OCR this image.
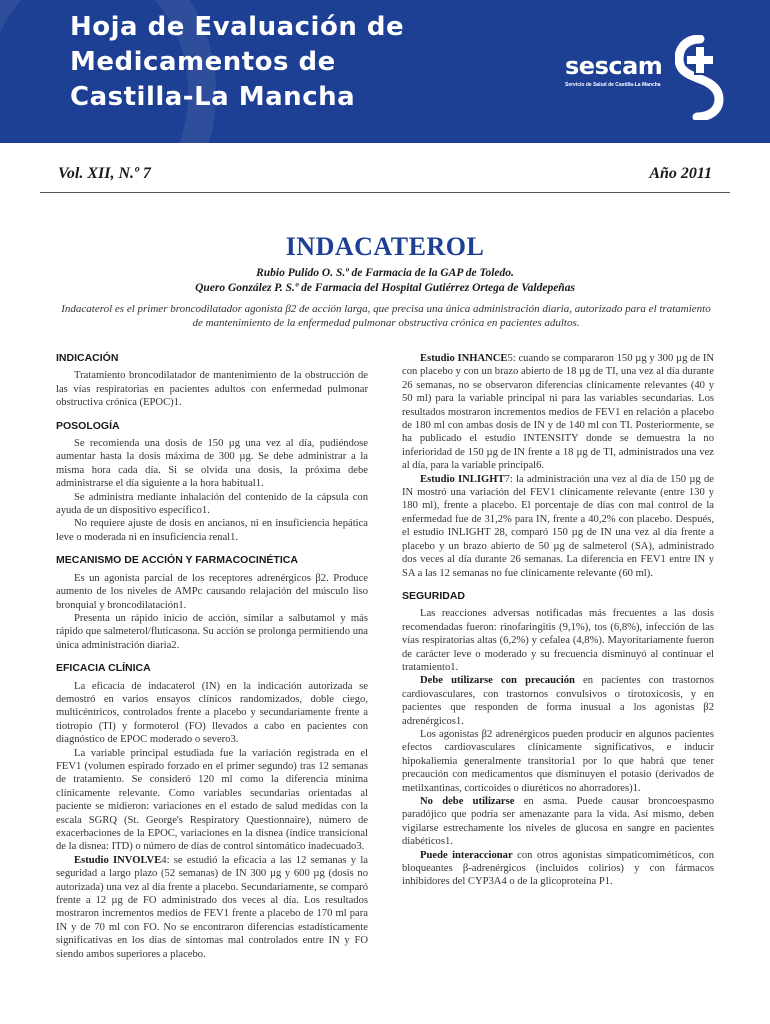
Hoja de Evaluación de
Medicamentos de
Castilla-La Mancha
sescam
Servicio de Salud de Castilla-La Mancha
Vol. XII, N.º 7	Año 2011
INDACATEROL
Rubio Pulido O. S.º de Farmacia de la GAP de Toledo.
Quero González P. S.º de Farmacia del Hospital Gutiérrez Ortega de Valdepeñas
Indacaterol es el primer broncodilatador agonista β2 de acción larga, que precisa una única administración diaria, autorizado para el tratamiento de mantenimiento de la enfermedad pulmonar obstructiva crónica en pacientes adultos.
INDICACIÓN

Tratamiento broncodilatador de mantenimiento de la obstrucción de las vías respiratorias en pacientes adultos con enfermedad pulmonar obstructiva crónica (EPOC)1.

POSOLOGÍA

Se recomienda una dosis de 150 µg una vez al día, pudiéndose aumentar hasta la dosis máxima de 300 µg. Se debe administrar a la misma hora cada día. Si se olvida una dosis, la próxima debe administrarse el día siguiente a la hora habitual1.

Se administra mediante inhalación del contenido de la cápsula con ayuda de un dispositivo específico1.

No requiere ajuste de dosis en ancianos, ni en insuficiencia hepática leve o moderada ni en insuficiencia renal1.

MECANISMO DE ACCIÓN Y FARMACOCINÉTICA

Es un agonista parcial de los receptores adrenérgicos β2. Produce aumento de los niveles de AMPc causando relajación del músculo liso bronquial y broncodilatación1.

Presenta un rápido inicio de acción, similar a salbutamol y más rápido que salmeterol/fluticasona. Su acción se prolonga permitiendo una única administración diaria2.

EFICACIA CLÍNICA

La eficacia de indacaterol (IN) en la indicación autorizada se demostró en varios ensayos clínicos randomizados, doble ciego, multicéntricos, controlados frente a placebo y secundariamente frente a tiotropio (TI) y formoterol (FO) llevados a cabo en pacientes con diagnóstico de EPOC moderado o severo3.

La variable principal estudiada fue la variación registrada en el FEV1 (volumen espirado forzado en el primer segundo) tras 12 semanas de tratamiento. Se consideró 120 ml como la diferencia mínima clínicamente relevante. Como variables secundarias orientadas al paciente se midieron: variaciones en el estado de salud medidas con la escala SGRQ (St. George's Respiratory Questionnaire), número de exacerbaciones de la EPOC, variaciones en la disnea (índice transicional de la disnea: ITD) o número de días de control sintomático inadecuado3.

Estudio INVOLVE4: se estudió la eficacia a las 12 semanas y la seguridad a largo plazo (52 semanas) de IN 300 µg y 600 µg (dosis no autorizada) una vez al día frente a placebo. Secundariamente, se comparó frente a 12 µg de FO administrado dos veces al día. Los resultados mostraron incrementos medios de FEV1 frente a placebo de 170 ml para IN y de 70 ml con FO. No se encontraron diferencias estadísticamente significativas en los días de síntomas mal controlados entre IN y FO siendo ambos superiores a placebo.

Estudio INHANCE5: cuando se compararon 150 µg y 300 µg de IN con placebo y con un brazo abierto de 18 µg de TI, una vez al día durante 26 semanas, no se observaron diferencias clínicamente relevantes (40 y 50 ml) para la variable principal ni para las variables secundarias. Los resultados mostraron incrementos medios de FEV1 en relación a placebo de 180 ml con ambas dosis de IN y de 140 ml con TI. Posteriormente, se ha publicado el estudio INTENSITY donde se demuestra la no inferioridad de 150 µg de IN frente a 18 µg de TI, administrados una vez al día, para la variable principal6.

Estudio INLIGHT7: la administración una vez al día de 150 µg de IN mostró una variación del FEV1 clínicamente relevante (entre 130 y 180 ml), frente a placebo. El porcentaje de días con mal control de la enfermedad fue de 31,2% para IN, frente a 40,2% con placebo. Después, el estudio INLIGHT 28, comparó 150 µg de IN una vez al día frente a placebo y un brazo abierto de 50 µg de salmeterol (SA), administrado dos veces al día durante 26 semanas. La diferencia en FEV1 entre IN y SA a las 12 semanas no fue clínicamente relevante (60 ml).

SEGURIDAD

Las reacciones adversas notificadas más frecuentes a las dosis recomendadas fueron: rinofaringitis (9,1%), tos (6,8%), infección de las vías respiratorias altas (6,2%) y cefalea (4,8%). Mayoritariamente fueron de carácter leve o moderado y su frecuencia disminuyó al continuar el tratamiento1.

Debe utilizarse con precaución en pacientes con trastornos cardiovasculares, con trastornos convulsivos o tirotoxicosis, y en pacientes que responden de forma inusual a los agonistas β2 adrenérgicos1.

Los agonistas β2 adrenérgicos pueden producir en algunos pacientes efectos cardiovasculares clínicamente significativos, e inducir hipokaliemia generalmente transitoria1 por lo que habrá que tener precaución con medicamentos que disminuyen el potasio (derivados de metilxantinas, corticoides o diuréticos no ahorradores)1.

No debe utilizarse en asma. Puede causar broncoespasmo paradójico que podría ser amenazante para la vida. Así mismo, deben vigilarse estrechamente los niveles de glucosa en sangre en pacientes diabéticos1.

Puede interaccionar con otros agonistas simpaticomiméticos, con bloqueantes β-adrenérgicos (incluidos colirios) y con fármacos inhibidores del CYP3A4 o de la glicoproteína P1.
